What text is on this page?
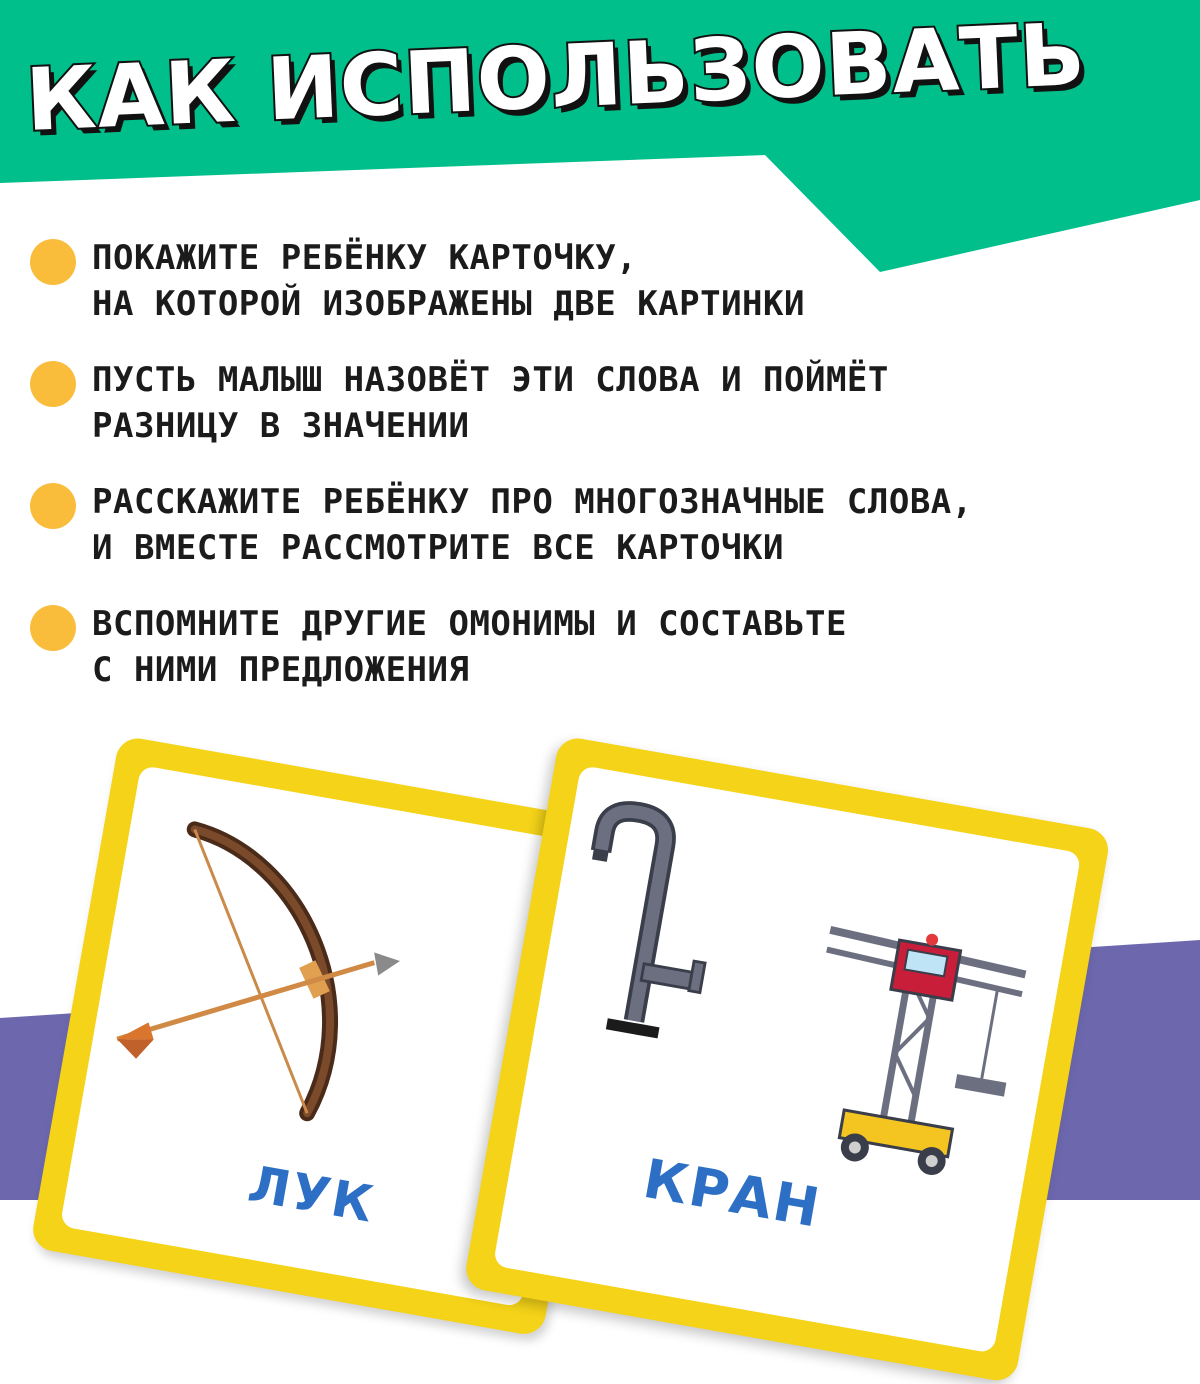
КАК ИСПОЛЬЗОВАТЬ
ПОКАЖИТЕ РЕБЁНКУ КАРТОЧКУ,
НА КОТОРОЙ ИЗОБРАЖЕНЫ ДВЕ КАРТИНКИ
ПУСТЬ МАЛЫШ НАЗОВЁТ ЭТИ СЛОВА И ПОЙМЁТ
РАЗНИЦУ В ЗНАЧЕНИИ
РАССКАЖИТЕ РЕБЁНКУ ПРО МНОГОЗНАЧНЫЕ СЛОВА,
И ВМЕСТЕ РАССМОТРИТЕ ВСЕ КАРТОЧКИ
ВСПОМНИТЕ ДРУГИЕ ОМОНИМЫ И СОСТАВЬТЕ
С НИМИ ПРЕДЛОЖЕНИЯ
ЛУК	КРАН
